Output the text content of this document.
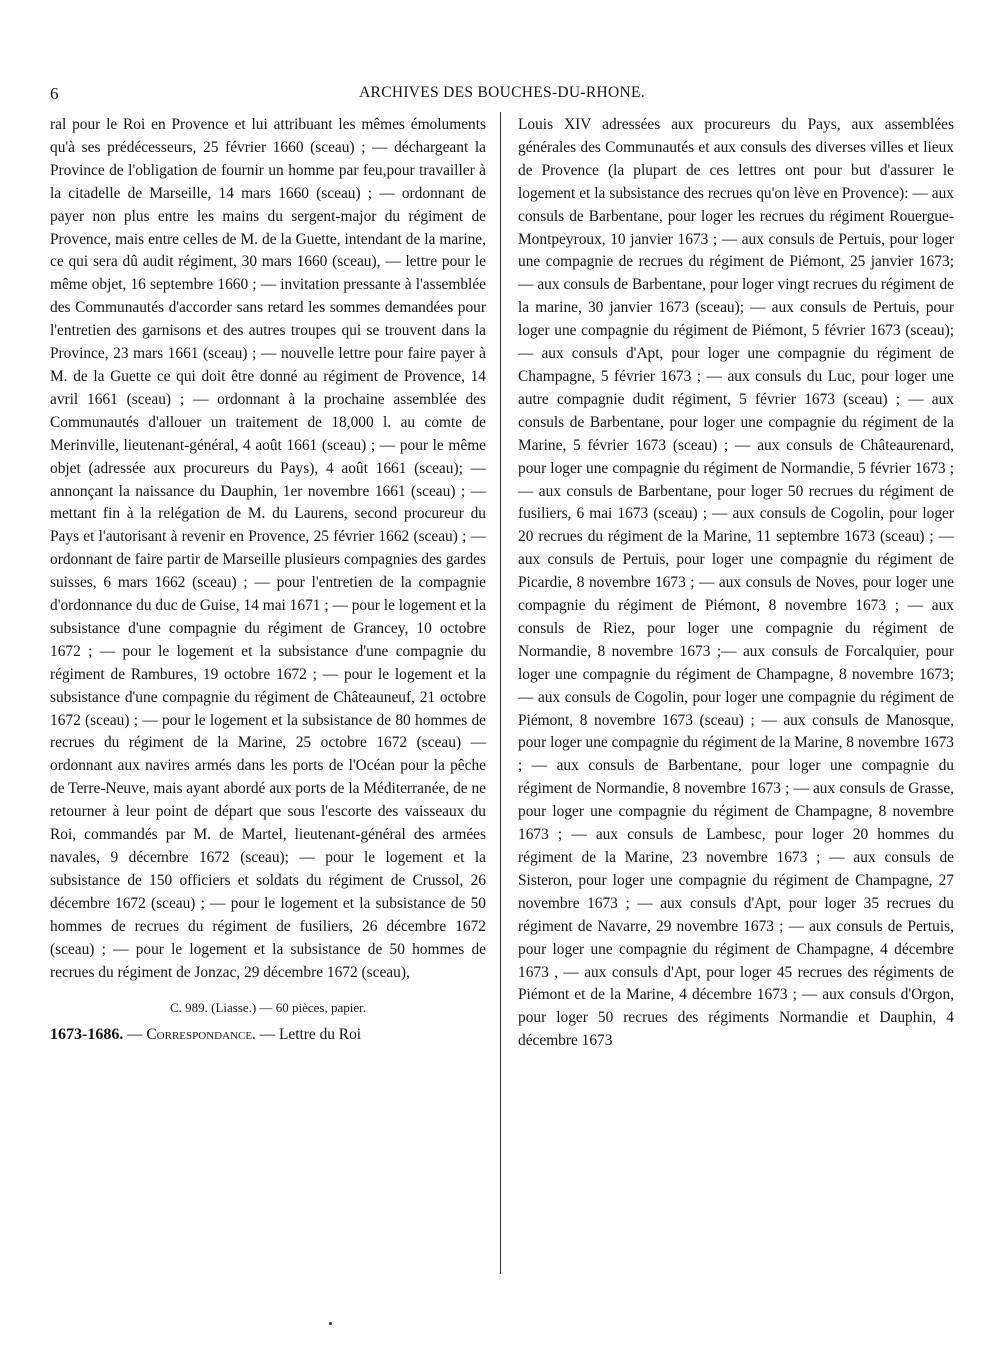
6	ARCHIVES DES BOUCHES-DU-RHONE.

ral pour le Roi en Provence et lui attribuant les mêmes émoluments qu'à ses prédécesseurs, 25 février 1660 (sceau) ; — déchargeant la Province de l'obligation de fournir un homme par feu,pour travailler à la citadelle de Marseille, 14 mars 1660 (sceau) ; — ordonnant de payer non plus entre les mains du sergent-major du régiment de Provence, mais entre celles de M. de la Guette, intendant de la marine, ce qui sera dû audit régiment, 30 mars 1660 (sceau), — lettre pour le même objet, 16 septembre 1660 ; — invitation pressante à l'assemblée des Communautés d'accorder sans retard les sommes demandées pour l'entretien des garnisons et des autres troupes qui se trouvent dans la Province, 23 mars 1661 (sceau) ; — nouvelle lettre pour faire payer à M. de la Guette ce qui doit être donné au régiment de Provence, 14 avril 1661 (sceau) ; — ordonnant à la prochaine assemblée des Communautés d'allouer un traitement de 18,000 l. au comte de Merinville, lieutenant-général, 4 août 1661 (sceau) ; — pour le même objet (adressée aux procureurs du Pays), 4 août 1661 (sceau); — annonçant la naissance du Dauphin, 1er novembre 1661 (sceau) ; — mettant fin à la relégation de M. du Laurens, second procureur du Pays et l'autorisant à revenir en Provence, 25 février 1662 (sceau) ; — ordonnant de faire partir de Marseille plusieurs compagnies des gardes suisses, 6 mars 1662 (sceau) ; — pour l'entretien de la compagnie d'ordonnance du duc de Guise, 14 mai 1671 ; — pour le logement et la subsistance d'une compagnie du régiment de Grancey, 10 octobre 1672 ; — pour le logement et la subsistance d'une compagnie du régiment de Rambures, 19 octobre 1672 ; — pour le logement et la subsistance d'une compagnie du régiment de Châteauneuf, 21 octobre 1672 (sceau) ; — pour le logement et la subsistance de 80 hommes de recrues du régiment de la Marine, 25 octobre 1672 (sceau) — ordonnant aux navires armés dans les ports de l'Océan pour la pêche de Terre-Neuve, mais ayant abordé aux ports de la Méditerranée, de ne retourner à leur point de départ que sous l'escorte des vaisseaux du Roi, commandés par M. de Martel, lieutenant-général des armées navales, 9 décembre 1672 (sceau); — pour le logement et la subsistance de 150 officiers et soldats du régiment de Crussol, 26 décembre 1672 (sceau) ; — pour le logement et la subsistance de 50 hommes de recrues du régiment de fusiliers, 26 décembre 1672 (sceau) ; — pour le logement et la subsistance de 50 hommes de recrues du régiment de Jonzac, 29 décembre 1672 (sceau),

C. 989. (Liasse.) — 60 pièces, papier.

1673-1686. — Correspondance. — Lettre du Roi

Louis XIV adressées aux procureurs du Pays, aux assemblées générales des Communautés et aux consuls des diverses villes et lieux de Provence (la plupart de ces lettres ont pour but d'assurer le logement et la subsistance des recrues qu'on lève en Provence): — aux consuls de Barbentane, pour loger les recrues du régiment Rouergue-Montpeyroux, 10 janvier 1673 ; — aux consuls de Pertuis, pour loger une compagnie de recrues du régiment de Piémont, 25 janvier 1673; — aux consuls de Barbentane, pour loger vingt recrues du régiment de la marine, 30 janvier 1673 (sceau); — aux consuls de Pertuis, pour loger une compagnie du régiment de Piémont, 5 février 1673 (sceau); — aux consuls d'Apt, pour loger une compagnie du régiment de Champagne, 5 février 1673 ; — aux consuls du Luc, pour loger une autre compagnie dudit régiment, 5 février 1673 (sceau) ; — aux consuls de Barbentane, pour loger une compagnie du régiment de la Marine, 5 février 1673 (sceau) ; — aux consuls de Châteaurenard, pour loger une compagnie du régiment de Normandie, 5 février 1673 ; — aux consuls de Barbentane, pour loger 50 recrues du régiment de fusiliers, 6 mai 1673 (sceau) ; — aux consuls de Cogolin, pour loger 20 recrues du régiment de la Marine, 11 septembre 1673 (sceau) ; — aux consuls de Pertuis, pour loger une compagnie du régiment de Picardie, 8 novembre 1673 ; — aux consuls de Noves, pour loger une compagnie du régiment de Piémont, 8 novembre 1673 ; — aux consuls de Riez, pour loger une compagnie du régiment de Normandie, 8 novembre 1673 ;— aux consuls de Forcalquier, pour loger une compagnie du régiment de Champagne, 8 novembre 1673; — aux consuls de Cogolin, pour loger une compagnie du régiment de Piémont, 8 novembre 1673 (sceau) ; — aux consuls de Manosque, pour loger une compagnie du régiment de la Marine, 8 novembre 1673 ; — aux consuls de Barbentane, pour loger une compagnie du régiment de Normandie, 8 novembre 1673 ; — aux consuls de Grasse, pour loger une compagnie du régiment de Champagne, 8 novembre 1673 ; — aux consuls de Lambesc, pour loger 20 hommes du régiment de la Marine, 23 novembre 1673 ; — aux consuls de Sisteron, pour loger une compagnie du régiment de Champagne, 27 novembre 1673 ; — aux consuls d'Apt, pour loger 35 recrues du régiment de Navarre, 29 novembre 1673 ; — aux consuls de Pertuis, pour loger une compagnie du régiment de Champagne, 4 décembre 1673 , — aux consuls d'Apt, pour loger 45 recrues des régiments de Piémont et de la Marine, 4 décembre 1673 ; — aux consuls d'Orgon, pour loger 50 recrues des régiments Normandie et Dauphin, 4 décembre 1673
